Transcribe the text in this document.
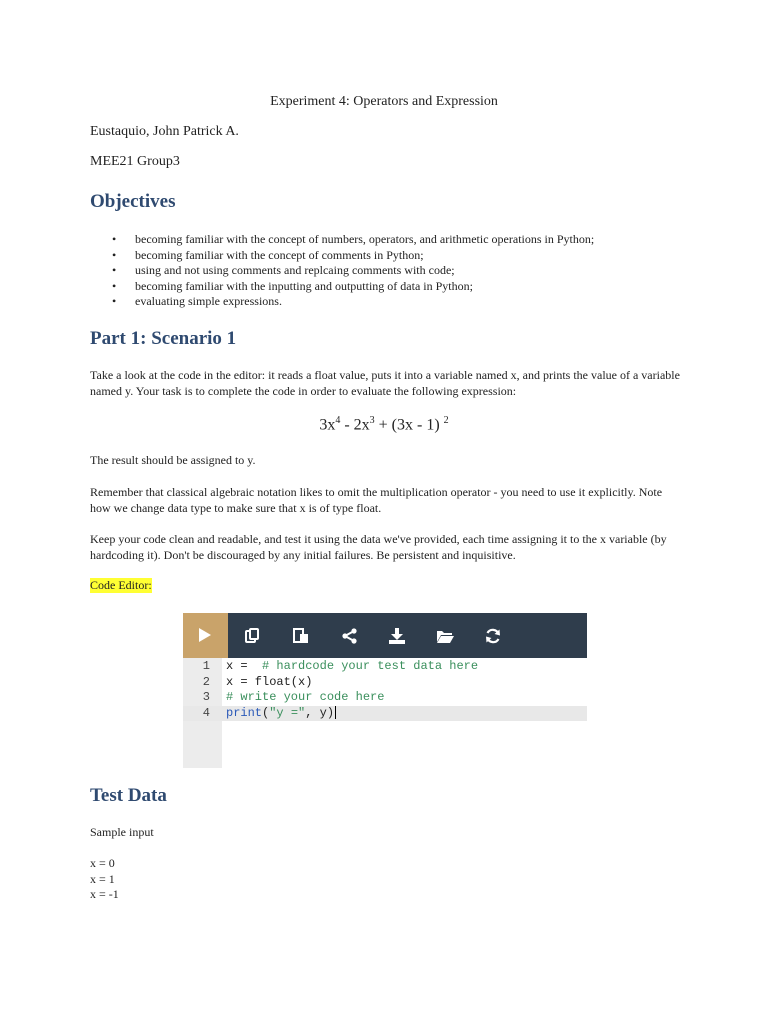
Experiment 4: Operators and Expression
Eustaquio, John Patrick A.
MEE21 Group3
Objectives
• becoming familiar with the concept of numbers, operators, and arithmetic operations in Python;
• becoming familiar with the concept of comments in Python;
• using and not using comments and replcaing comments with code;
• becoming familiar with the inputting and outputting of data in Python;
• evaluating simple expressions.
Part 1: Scenario 1
Take a look at the code in the editor: it reads a float value, puts it into a variable named x, and prints the value of a variable named y. Your task is to complete the code in order to evaluate the following expression:
$3x^4 - 2x^3 + (3x - 1)$ $^2$
The result should be assigned to y.
Remember that classical algebraic notation likes to omit the multiplication operator - you need to use it explicitly. Note how we change data type to make sure that x is of type float.
Keep your code clean and readable, and test it using the data we've provided, each time assigning it to the x variable (by hardcoding it). Don't be discouraged by any initial failures. Be persistent and inquisitive.
Code Editor:
1 x =  # hardcode your test data here
2 x = float(x)
3 # write your code here
4 print("y =", y)
Test Data
Sample input
x = 0
x = 1
x = -1
